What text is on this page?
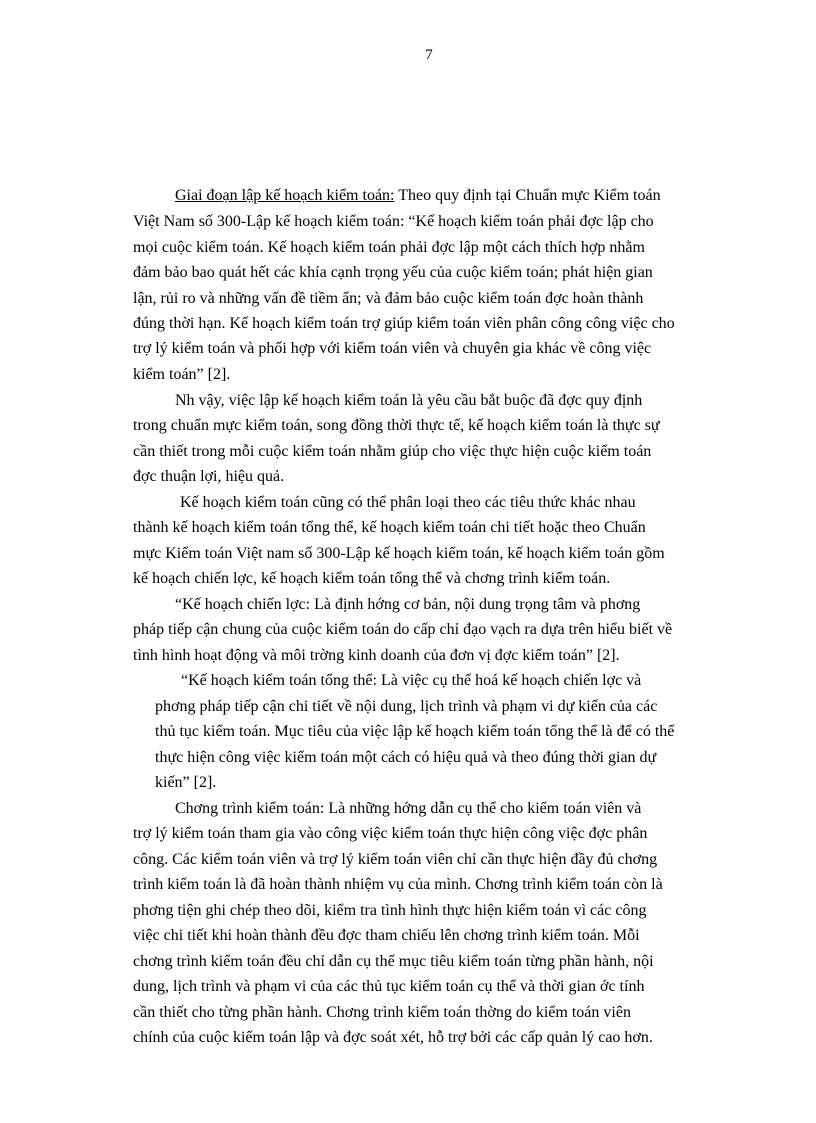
7
Giai đoạn lập kế hoạch kiểm toán: Theo quy định tại Chuẩn mực Kiểm toán
Việt Nam số 300-Lập kế hoạch kiểm toán: “Kế hoạch kiểm toán phải đợc lập cho
mọi cuộc kiểm toán. Kế hoạch kiểm toán phải đợc lập một cách thích hợp nhằm
đảm bảo bao quát hết các khía cạnh trọng yếu của cuộc kiểm toán; phát hiện gian
lận, rủi ro và những vấn đề tiềm ẩn; và đảm bảo cuộc kiểm toán đợc hoàn thành
đúng thời hạn. Kế hoạch kiểm toán trợ giúp kiểm toán viên phân công công việc cho
trợ lý kiểm toán và phối hợp với kiểm toán viên và chuyên gia khác về công việc
kiểm toán” [2].
Nh vậy, việc lập kế hoạch kiểm toán là yêu cầu bắt buộc đã đợc quy định
trong chuẩn mực kiểm toán, song đồng thời thực tế, kế hoạch kiểm toán là thực sự
cần thiết trong mỗi cuộc kiểm toán nhằm giúp cho việc thực hiện cuộc kiểm toán
đợc thuận lợi, hiệu quả.
Kế hoạch kiểm toán cũng có thể phân loại theo các tiêu thức khác nhau
thành kế hoạch kiểm toán tổng thể, kế hoạch kiểm toán chi tiết hoặc theo Chuẩn
mực Kiểm toán Việt nam số 300-Lập kế hoạch kiểm toán, kế hoạch kiểm toán gồm
kế hoạch chiến lợc, kế hoạch kiểm toán tổng thể và chơng trình kiểm toán.
“Kế hoạch chiến lợc: Là định hớng cơ bản, nội dung trọng tâm và phơng
pháp tiếp cận chung của cuộc kiểm toán do cấp chỉ đạo vạch ra dựa trên hiểu biết về
tình hình hoạt động và môi trờng kinh doanh của đơn vị đợc kiểm toán” [2].
“Kế hoạch kiểm toán tổng thể: Là việc cụ thể hoá kế hoạch chiến lợc và
phơng pháp tiếp cận chi tiết về nội dung, lịch trình và phạm vi dự kiến của các
thủ tục kiểm toán. Mục tiêu của việc lập kế hoạch kiểm toán tổng thể là để có thể
thực hiện công việc kiểm toán một cách có hiệu quả và theo đúng thời gian dự
kiến” [2].
Chơng trình kiểm toán: Là những hớng dẫn cụ thể cho kiểm toán viên và
trợ lý kiểm toán tham gia vào công việc kiểm toán thực hiện công việc đợc phân
công. Các kiểm toán viên và trợ lý kiểm toán viên chỉ cần thực hiện đầy đủ chơng
trình kiểm toán là đã hoàn thành nhiệm vụ của mình. Chơng trình kiểm toán còn là
phơng tiện ghi chép theo dõi, kiểm tra tình hình thực hiện kiểm toán vì các công
việc chi tiết khi hoàn thành đều đợc tham chiếu lên chơng trình kiểm toán. Mỗi
chơng trình kiểm toán đều chỉ dẫn cụ thể mục tiêu kiểm toán từng phần hành, nội
dung, lịch trình và phạm vi của các thủ tục kiểm toán cụ thể và thời gian ớc tính
cần thiết cho từng phần hành. Chơng trình kiểm toán thờng do kiểm toán viên
chính của cuộc kiểm toán lập và đợc soát xét, hỗ trợ bởi các cấp quản lý cao hơn.
